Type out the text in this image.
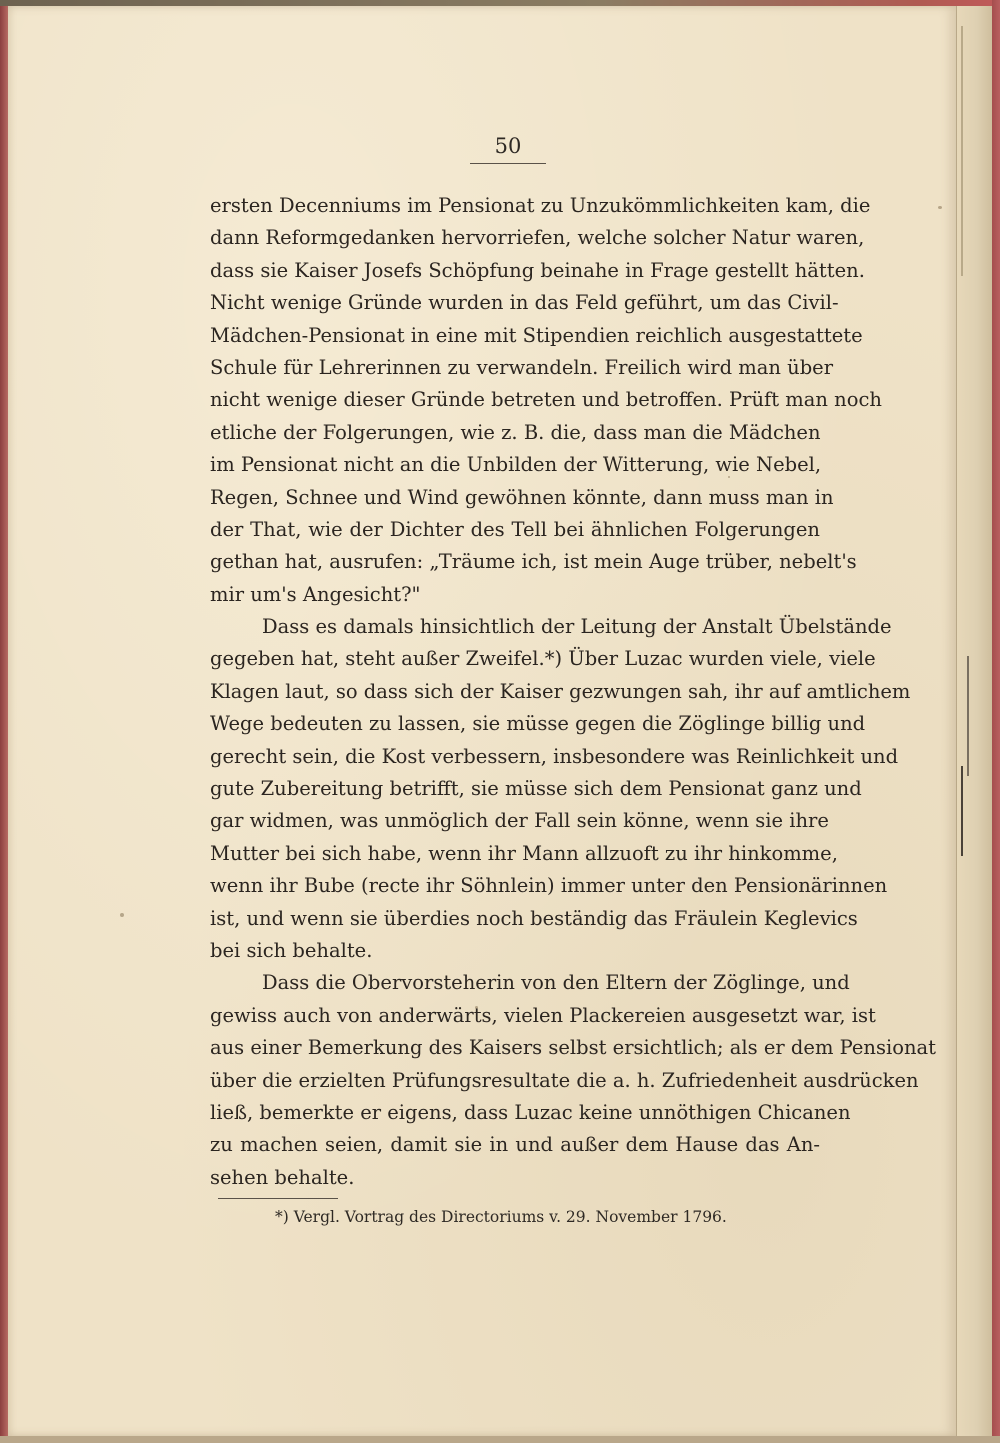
50
ersten Decenniums im Pensionat zu Unzukömmlichkeiten kam, die
dann Reformgedanken hervorriefen, welche solcher Natur waren,
dass sie Kaiser Josefs Schöpfung beinahe in Frage gestellt hätten.
Nicht wenige Gründe wurden in das Feld geführt, um das Civil-
Mädchen-Pensionat in eine mit Stipendien reichlich ausgestattete
Schule für Lehrerinnen zu verwandeln. Freilich wird man über
nicht wenige dieser Gründe betreten und betroffen. Prüft man noch
etliche der Folgerungen, wie z. B. die, dass man die Mädchen
im Pensionat nicht an die Unbilden der Witterung, wie Nebel,
Regen, Schnee und Wind gewöhnen könnte, dann muss man in
der That, wie der Dichter des Tell bei ähnlichen Folgerungen
gethan hat, ausrufen: „Träume ich, ist mein Auge trüber, nebelt's
mir um's Angesicht?"
Dass es damals hinsichtlich der Leitung der Anstalt Übelstände
gegeben hat, steht außer Zweifel.*) Über Luzac wurden viele, viele
Klagen laut, so dass sich der Kaiser gezwungen sah, ihr auf amtlichem
Wege bedeuten zu lassen, sie müsse gegen die Zöglinge billig und
gerecht sein, die Kost verbessern, insbesondere was Reinlichkeit und
gute Zubereitung betrifft, sie müsse sich dem Pensionat ganz und
gar widmen, was unmöglich der Fall sein könne, wenn sie ihre
Mutter bei sich habe, wenn ihr Mann allzuoft zu ihr hinkomme,
wenn ihr Bube (recte ihr Söhnlein) immer unter den Pensionärinnen
ist, und wenn sie überdies noch beständig das Fräulein Keglevics
bei sich behalte.
Dass die Obervorsteherin von den Eltern der Zöglinge, und
gewiss auch von anderwärts, vielen Plackereien ausgesetzt war, ist
aus einer Bemerkung des Kaisers selbst ersichtlich; als er dem Pensionat
über die erzielten Prüfungsresultate die a. h. Zufriedenheit ausdrücken
ließ, bemerkte er eigens, dass Luzac keine unnöthigen Chicanen
zu machen seien, damit sie in und außer dem Hause das An-
sehen behalte.
*) Vergl. Vortrag des Directoriums v. 29. November 1796.
